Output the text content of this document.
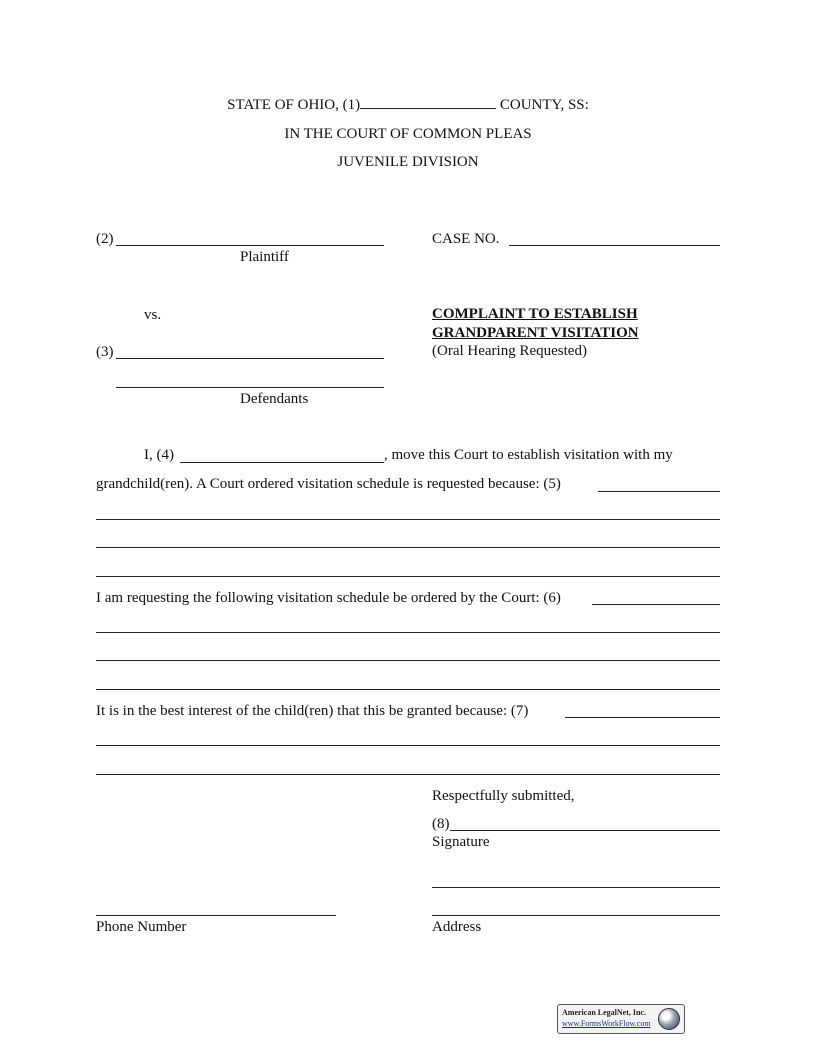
STATE OF OHIO, (1)	COUNTY, SS:
IN THE COURT OF COMMON PLEAS
JUVENILE DIVISION
(2)
Plaintiff
CASE NO.
vs.	COMPLAINT TO ESTABLISH
GRANDPARENT VISITATION
(Oral Hearing Requested)
(3)
Defendants
I, (4)	, move this Court to establish visitation with my
grandchild(ren). A Court ordered visitation schedule is requested because: (5)
I am requesting the following visitation schedule be ordered by the Court: (6)
It is in the best interest of the child(ren) that this be granted because: (7)
Respectfully submitted,
(8)
Signature
Phone Number	Address
American LegalNet, Inc.
www.FormsWorkFlow.com
